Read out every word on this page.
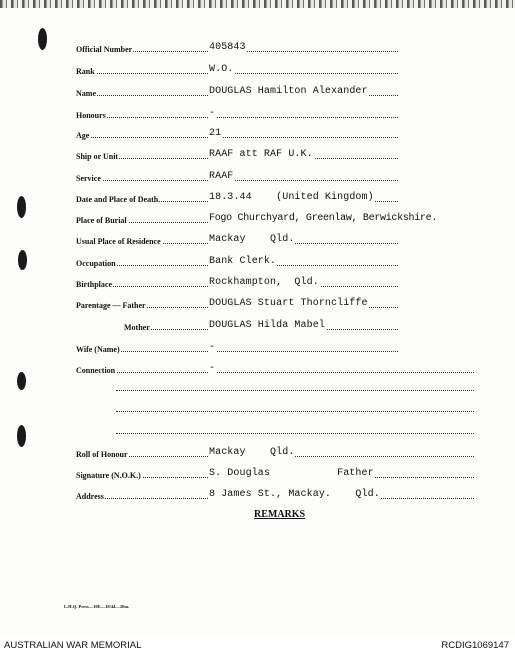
Official Number	405843
Rank	W.O.
Name	DOUGLAS Hamilton Alexander
Honours	-
Age	21
Ship or Unit	RAAF att RAF U.K.
Service	RAAF
Date and Place of Death	18.3.44    (United Kingdom)
Place of Burial	Fogo Churchyard, Greenlaw, Berwickshire.
Usual Place of Residence	Mackay    Qld.
Occupation	Bank Clerk.
Birthplace	Rockhampton,  Qld.
Parentage — Father	DOUGLAS Stuart Thorncliffe
Mother	DOUGLAS Hilda Mabel
Wife (Name)	-
Connection	-
Roll of Honour	Mackay    Qld.
Signature (N.O.K.)	S. Douglas           Father
Address	8 James St., Mackay.    Qld.
REMARKS
L.H.Q. Press—10E—10/44—20m.
AUSTRALIAN WAR MEMORIAL	RCDIG1069147
